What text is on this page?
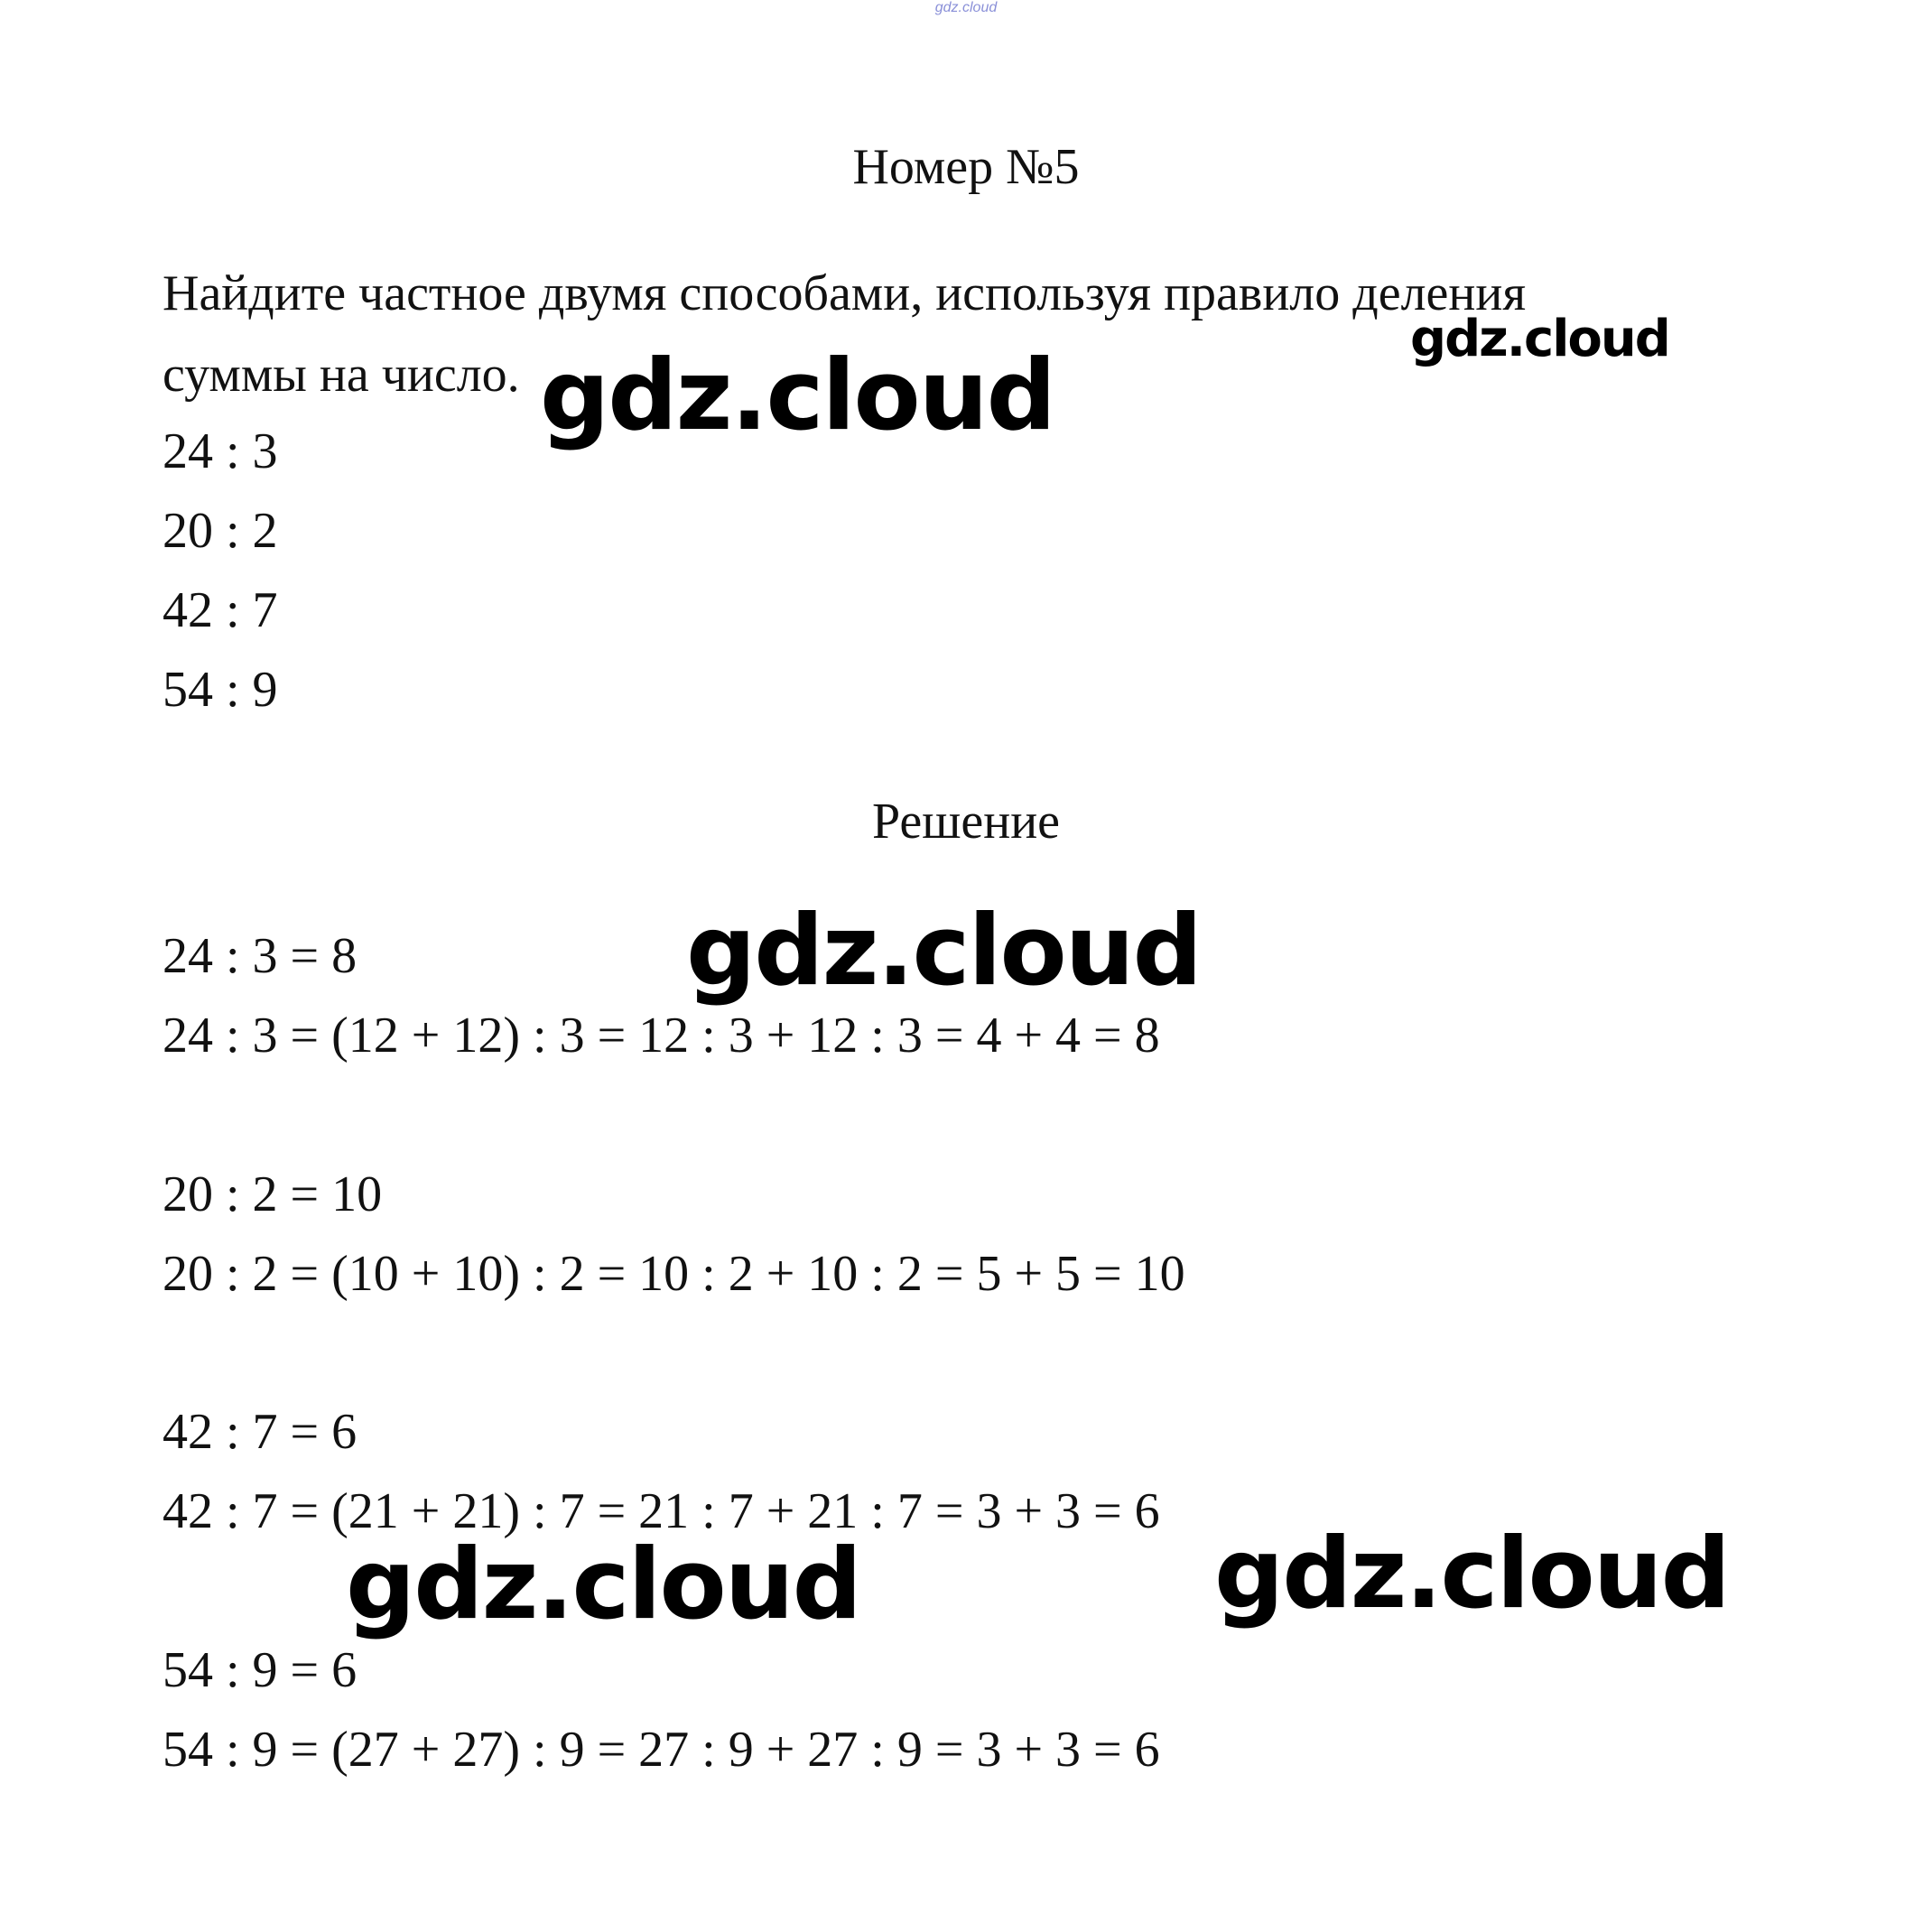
gdz.cloud
Номер №5
Найдите частное двумя способами, используя правило деления
суммы на число.
24 : 3
20 : 2
42 : 7
54 : 9
Решение
24 : 3 = 8
24 : 3 = (12 + 12) : 3 = 12 : 3 + 12 : 3 = 4 + 4 = 8
20 : 2 = 10
20 : 2 = (10 + 10) : 2 = 10 : 2 + 10 : 2 = 5 + 5 = 10
42 : 7 = 6
42 : 7 = (21 + 21) : 7 = 21 : 7 + 21 : 7 = 3 + 3 = 6
54 : 9 = 6
54 : 9 = (27 + 27) : 9 = 27 : 9 + 27 : 9 = 3 + 3 = 6
gdz.cloud
gdz.cloud
gdz.cloud
gdz.cloud	gdz.cloud
